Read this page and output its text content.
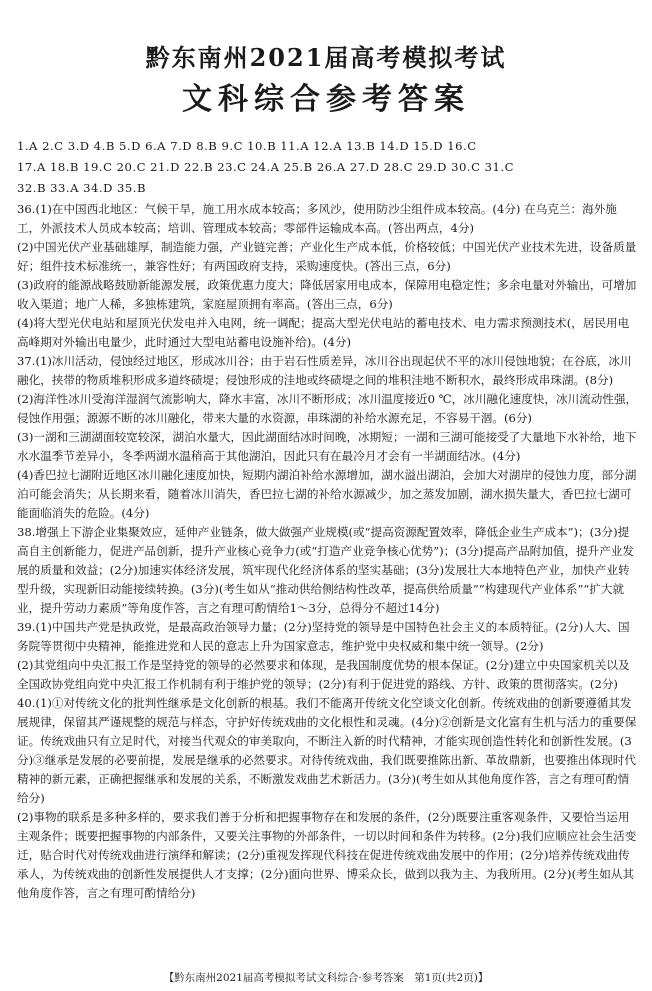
黔东南州2021届高考模拟考试
文科综合参考答案

1.A 2.C 3.D 4.B 5.D 6.A 7.D 8.B 9.C 10.B 11.A 12.A 13.B 14.D 15.D 16.C

17.A 18.B 19.C 20.C 21.D 22.B 23.C 24.A 25.B 26.A 27.D 28.C 29.D 30.C 31.C

32.B 33.A 34.D 35.B

36.(1)在中国西北地区：气候干旱，施工用水成本较高；多风沙，使用防沙尘组件成本较高。(4分) 在乌克兰：海外施工，外派技术人员成本较高；培训、管理成本较高；零部件运输成本高。(答出两点，4分)

(2)中国光伏产业基础雄厚，制造能力强，产业链完善；产业化生产成本低，价格较低；中国光伏产业技术先进，设备质量好；组件技术标准统一，兼容性好；有两国政府支持，采购速度快。(答出三点，6分)

(3)政府的能源战略鼓励新能源发展，政策优惠力度大；降低居家用电成本，保障用电稳定性；多余电量对外输出，可增加收入渠道；地广人稀，多独栋建筑，家庭屋顶拥有率高。(答出三点，6分)

(4)将大型光伏电站和屋顶光伏发电并入电网，统一调配；提高大型光伏电站的蓄电技术、电力需求预测技术(，居民用电高峰期对外输出电量少，此时通过大型电站蓄电设施补给)。(4分)

37.(1)冰川活动，侵蚀经过地区，形成冰川谷；由于岩石性质差异，冰川谷出现起伏不平的冰川侵蚀地貌；在谷底，冰川融化，挟带的物质堆积形成多道终碛堤；侵蚀形成的洼地或终碛堤之间的堆积洼地不断积水，最终形成串珠湖。(8分)

(2)海洋性冰川受海洋湿润气流影响大，降水丰富，冰川不断形成；冰川温度接近0 ℃，冰川融化速度快，冰川流动性强，侵蚀作用强；源源不断的冰川融化，带来大量的水资源，串珠湖的补给水源充足，不容易干涸。(6分)

(3)一湖和三湖湖面较宽较深，湖泊水量大，因此湖面结冰时间晚，冰期短；一湖和三湖可能接受了大量地下水补给，地下水水温季节差异小，冬季两湖水温稍高于其他湖泊，因此只有在最冷月才会有一半湖面结冰。(4分)

(4)香巴拉七湖附近地区冰川融化速度加快，短期内湖泊补给水源增加，湖水溢出湖泊，会加大对湖岸的侵蚀力度，部分湖泊可能会消失；从长期来看，随着冰川消失，香巴拉七湖的补给水源减少，加之蒸发加剧，湖水损失量大，香巴拉七湖可能面临消失的危险。(4分)

38.增强上下游企业集聚效应，延伸产业链条，做大做强产业规模(或“提高资源配置效率，降低企业生产成本”)；(3分)提高自主创新能力，促进产品创新，提升产业核心竞争力(或“打造产业竞争核心优势”)；(3分)提高产品附加值，提升产业发展的质量和效益；(2分)加速实体经济发展，筑牢现代化经济体系的坚实基础；(3分)发展壮大本地特色产业，加快产业转型升级，实现新旧动能接续转换。(3分)(考生如从“推动供给侧结构性改革，提高供给质量”“构建现代产业体系”“扩大就业，提升劳动力素质”等角度作答，言之有理可酌情给1～3分，总得分不超过14分)

39.(1)中国共产党是执政党，是最高政治领导力量；(2分)坚持党的领导是中国特色社会主义的本质特征。(2分)人大、国务院等贯彻中央精神，能推进党和人民的意志上升为国家意志，维护党中央权威和集中统一领导。(2分)

(2)其党组向中央汇报工作是坚持党的领导的必然要求和体现，是我国制度优势的根本保证。(2分)建立中央国家机关以及全国政协党组向党中央汇报工作机制有利于维护党的领导；(2分)有利于促进党的路线、方针、政策的贯彻落实。(2分)

40.(1)①对传统文化的批判性继承是文化创新的根基。我们不能离开传统文化空谈文化创新。传统戏曲的创新要遵循其发展规律，保留其严谨规整的规范与样态，守护好传统戏曲的文化根性和灵魂。(4分)②创新是文化富有生机与活力的重要保证。传统戏曲只有立足时代，对接当代观众的审美取向，不断注入新的时代精神，才能实现创造性转化和创新性发展。(3分)③继承是发展的必要前提，发展是继承的必然要求。对待传统戏曲，我们既要推陈出新、革故鼎新，也要推出体现时代精神的新元素，正确把握继承和发展的关系，不断激发戏曲艺术新活力。(3分)(考生如从其他角度作答，言之有理可酌情给分)

(2)事物的联系是多种多样的，要求我们善于分析和把握事物存在和发展的条件，(2分)既要注重客观条件，又要恰当运用主观条件；既要把握事物的内部条件，又要关注事物的外部条件，一切以时间和条件为转移。(2分)我们应顺应社会生活变迁，贴合时代对传统戏曲进行演绎和解读；(2分)重视发挥现代科技在促进传统戏曲发展中的作用；(2分)培养传统戏曲传承人，为传统戏曲的创新性发展提供人才支撑；(2分)面向世界、博采众长，做到以我为主、为我所用。(2分)(考生如从其他角度作答，言之有理可酌情给分)

【黔东南州2021届高考模拟考试文科综合·参考答案　第1页(共2页)】
